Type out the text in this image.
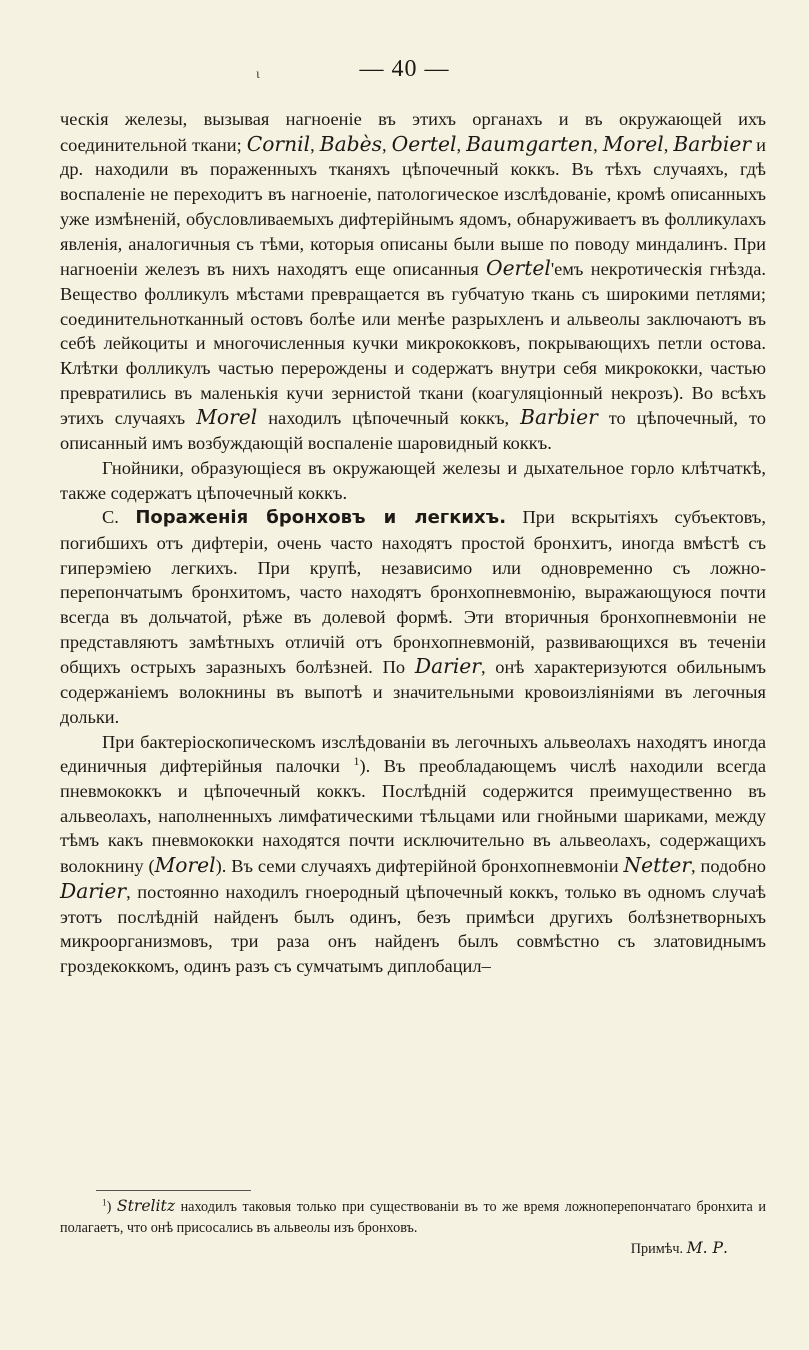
ɩ	— 40 —

ческія железы, вызывая нагноеніе въ этихъ органахъ и въ окружающей ихъ соединительной ткани; Cornil, Babès, Oertel, Baumgarten, Morel, Barbier и др. находили въ пораженныхъ тканяхъ цѣпочечный коккъ. Въ тѣхъ случаяхъ, гдѣ воспаленіе не переходитъ въ нагноеніе, патологическое изслѣдованіе, кромѣ описанныхъ уже измѣненій, обусловливаемыхъ дифтерійнымъ ядомъ, обнаруживаетъ въ фолликулахъ явленія, аналогичныя съ тѣми, которыя описаны были выше по поводу миндалинъ. При нагноеніи железъ въ нихъ находятъ еще описанныя Oertel'емъ некротическія гнѣзда. Вещество фолликулъ мѣстами превращается въ губчатую ткань съ широкими петлями; соединительнотканный остовъ болѣе или менѣе разрыхленъ и альвеолы заключаютъ въ себѣ лейкоциты и многочисленныя кучки микрококковъ, покрывающихъ петли остова. Клѣтки фолликулъ частью перерождены и содержатъ внутри себя микрококки, частью превратились въ маленькія кучи зернистой ткани (коагуляціонный некрозъ). Во всѣхъ этихъ случаяхъ Morel находилъ цѣпочечный коккъ, Barbier то цѣпочечный, то описанный имъ возбуждающій воспаленіе шаровидный коккъ.

Гнойники, образующіеся въ окружающей железы и дыхательное горло клѣтчаткѣ, также содержатъ цѣпочечный коккъ.

С. Пораженія бронховъ и легкихъ. При вскрытіяхъ субъектовъ, погибшихъ отъ дифтеріи, очень часто находятъ простой бронхитъ, иногда вмѣстѣ съ гиперэміею легкихъ. При крупѣ, независимо или одновременно съ ложно-перепончатымъ бронхитомъ, часто находятъ бронхопневмонію, выражающуюся почти всегда въ дольчатой, рѣже въ долевой формѣ. Эти вторичныя бронхопневмоніи не представляютъ замѣтныхъ отличій отъ бронхопневмоній, развивающихся въ теченіи общихъ острыхъ заразныхъ болѣзней. По Darier, онѣ характеризуются обильнымъ содержаніемъ волокнины въ выпотѣ и значительными кровоизліяніями въ легочныя дольки.

При бактеріоскопическомъ изслѣдованіи въ легочныхъ альвеолахъ находятъ иногда единичныя дифтерійныя палочки $^1$). Въ преобладающемъ числѣ находили всегда пневмококкъ и цѣпочечный коккъ. Послѣдній содержится преимущественно въ альвеолахъ, наполненныхъ лимфатическими тѣльцами или гнойными шариками, между тѣмъ какъ пневмококки находятся почти исключительно въ альвеолахъ, содержащихъ волокнину (Morel). Въ семи случаяхъ дифтерійной бронхопневмоніи Netter, подобно Darier, постоянно находилъ гноеродный цѣпочечный коккъ, только въ одномъ случаѣ этотъ послѣдній найденъ былъ одинъ, безъ примѣси другихъ болѣзнетворныхъ микроорганизмовъ, три раза онъ найденъ былъ совмѣстно съ златовиднымъ гроздекоккомъ, одинъ разъ съ сумчатымъ диплобацил–

$^1$) Strelitz находилъ таковыя только при существованіи въ то же время ложноперепончатаго бронхита и полагаетъ, что онѣ присосались въ альвеолы изъ бронховъ.

Примѣч. М. Р.
